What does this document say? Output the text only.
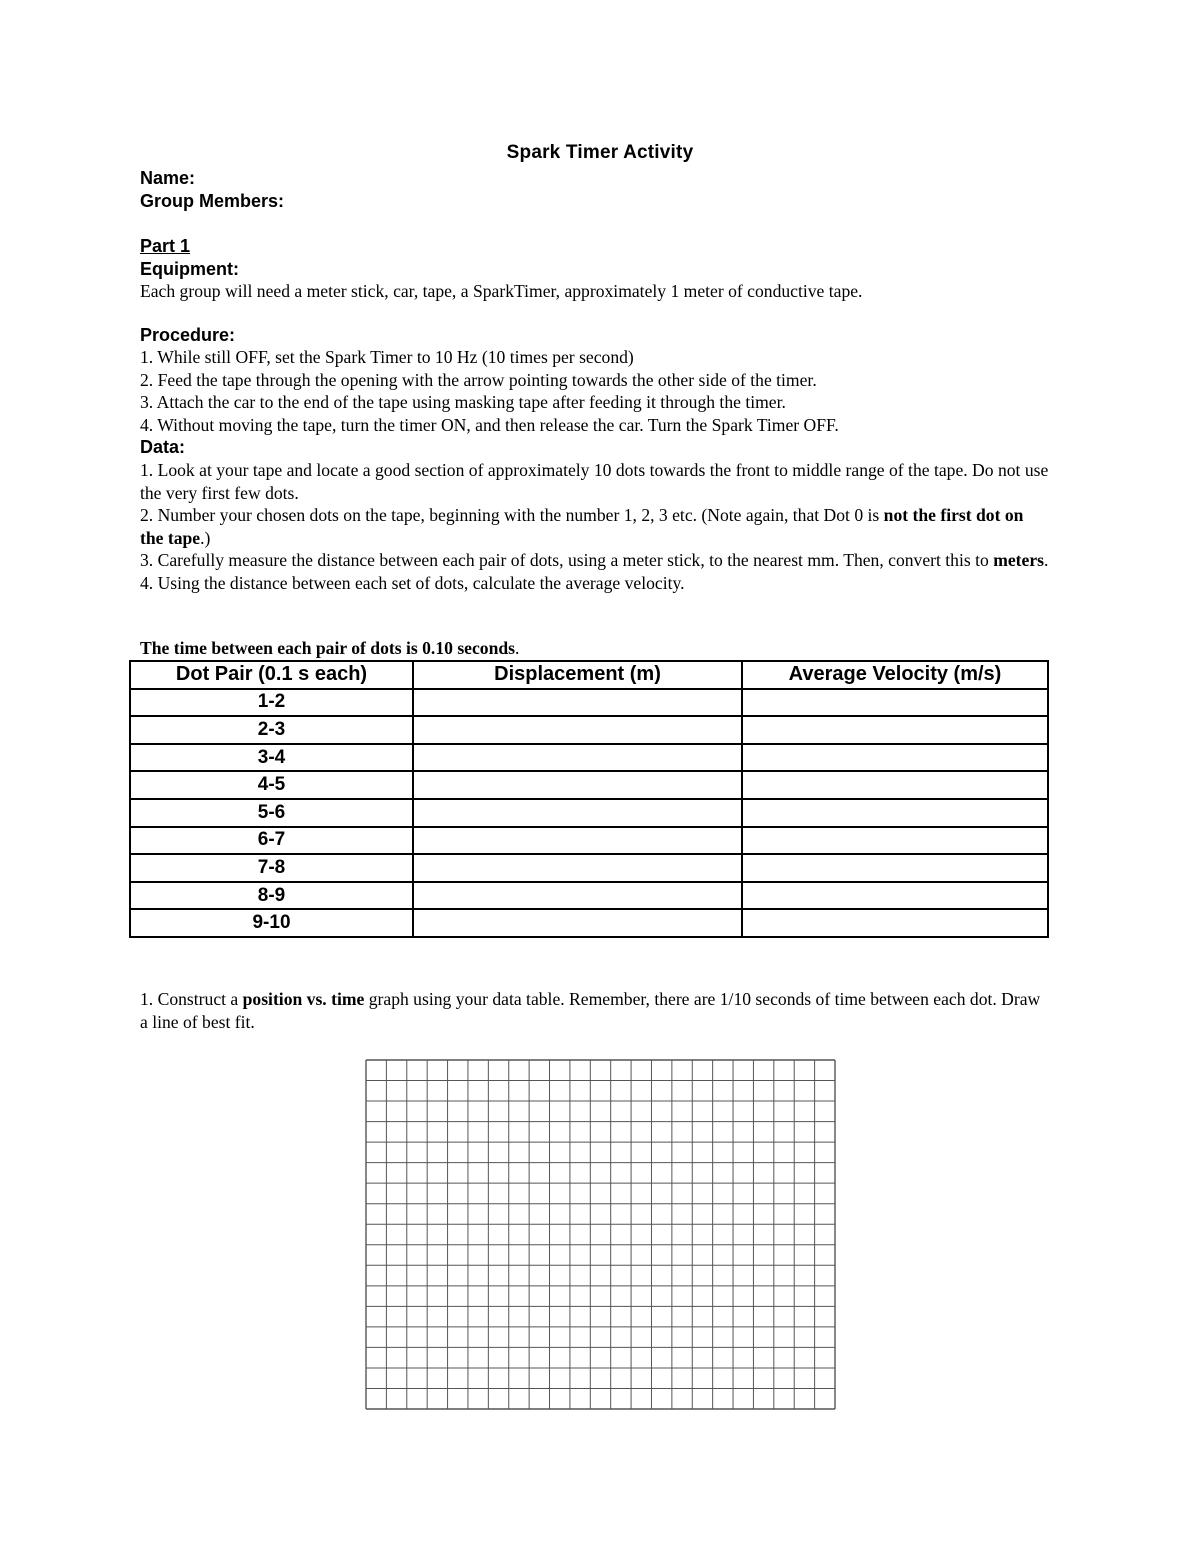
Spark Timer Activity
Name:
Group Members:
Part 1
Equipment:
Each group will need a meter stick, car, tape, a SparkTimer, approximately 1 meter of conductive tape.
Procedure:

1. While still OFF, set the Spark Timer to 10 Hz (10 times per second)

2. Feed the tape through the opening with the arrow pointing towards the other side of the timer.

3. Attach the car to the end of the tape using masking tape after feeding it through the timer.

4. Without moving the tape, turn the timer ON, and then release the car. Turn the Spark Timer OFF.

Data:

1. Look at your tape and locate a good section of approximately 10 dots towards the front to middle range of the tape. Do not use the very first few dots.

2. Number your chosen dots on the tape, beginning with the number 1, 2, 3 etc. (Note again, that Dot 0 is not the first dot on the tape.)

3. Carefully measure the distance between each pair of dots, using a meter stick, to the nearest mm. Then, convert this to meters.

4. Using the distance between each set of dots, calculate the average velocity.

The time between each pair of dots is 0.10 seconds.
Dot Pair (0.1 s each)	Displacement (m)	Average Velocity (m/s)
1-2		
2-3		
3-4		
4-5		
5-6		
6-7		
7-8		
8-9		
9-10		
1. Construct a position vs. time graph using your data table. Remember, there are 1/10 seconds of time between each dot. Draw a line of best fit.
